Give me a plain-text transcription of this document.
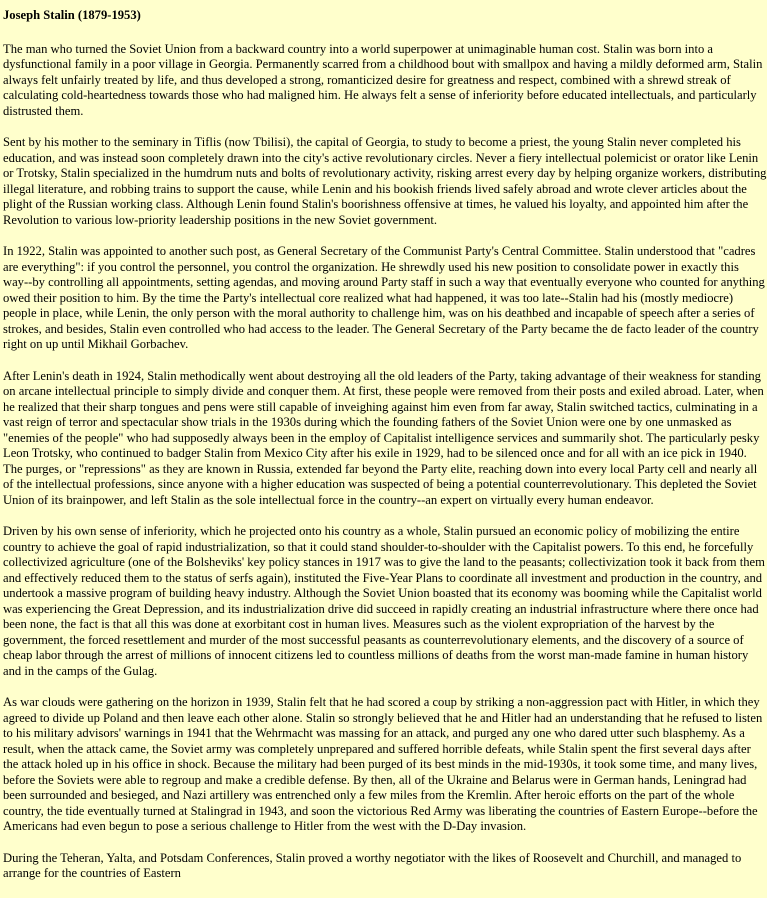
Joseph Stalin (1879-1953)

The man who turned the Soviet Union from a backward country into a world superpower at unimaginable human cost. Stalin was born into a dysfunctional family in a poor village in Georgia. Permanently scarred from a childhood bout with smallpox and having a mildly deformed arm, Stalin always felt unfairly treated by life, and thus developed a strong, romanticized desire for greatness and respect, combined with a shrewd streak of calculating cold-heartedness towards those who had maligned him. He always felt a sense of inferiority before educated intellectuals, and particularly distrusted them.

Sent by his mother to the seminary in Tiflis (now Tbilisi), the capital of Georgia, to study to become a priest, the young Stalin never completed his education, and was instead soon completely drawn into the city's active revolutionary circles. Never a fiery intellectual polemicist or orator like Lenin or Trotsky, Stalin specialized in the humdrum nuts and bolts of revolutionary activity, risking arrest every day by helping organize workers, distributing illegal literature, and robbing trains to support the cause, while Lenin and his bookish friends lived safely abroad and wrote clever articles about the plight of the Russian working class. Although Lenin found Stalin's boorishness offensive at times, he valued his loyalty, and appointed him after the Revolution to various low-priority leadership positions in the new Soviet government.

In 1922, Stalin was appointed to another such post, as General Secretary of the Communist Party's Central Committee. Stalin understood that "cadres are everything": if you control the personnel, you control the organization. He shrewdly used his new position to consolidate power in exactly this way--by controlling all appointments, setting agendas, and moving around Party staff in such a way that eventually everyone who counted for anything owed their position to him. By the time the Party's intellectual core realized what had happened, it was too late--Stalin had his (mostly mediocre) people in place, while Lenin, the only person with the moral authority to challenge him, was on his deathbed and incapable of speech after a series of strokes, and besides, Stalin even controlled who had access to the leader. The General Secretary of the Party became the de facto leader of the country right on up until Mikhail Gorbachev.

After Lenin's death in 1924, Stalin methodically went about destroying all the old leaders of the Party, taking advantage of their weakness for standing on arcane intellectual principle to simply divide and conquer them. At first, these people were removed from their posts and exiled abroad. Later, when he realized that their sharp tongues and pens were still capable of inveighing against him even from far away, Stalin switched tactics, culminating in a vast reign of terror and spectacular show trials in the 1930s during which the founding fathers of the Soviet Union were one by one unmasked as "enemies of the people" who had supposedly always been in the employ of Capitalist intelligence services and summarily shot. The particularly pesky Leon Trotsky, who continued to badger Stalin from Mexico City after his exile in 1929, had to be silenced once and for all with an ice pick in 1940. The purges, or "repressions" as they are known in Russia, extended far beyond the Party elite, reaching down into every local Party cell and nearly all of the intellectual professions, since anyone with a higher education was suspected of being a potential counterrevolutionary. This depleted the Soviet Union of its brainpower, and left Stalin as the sole intellectual force in the country--an expert on virtually every human endeavor.

Driven by his own sense of inferiority, which he projected onto his country as a whole, Stalin pursued an economic policy of mobilizing the entire country to achieve the goal of rapid industrialization, so that it could stand shoulder-to-shoulder with the Capitalist powers. To this end, he forcefully collectivized agriculture (one of the Bolsheviks' key policy stances in 1917 was to give the land to the peasants; collectivization took it back from them and effectively reduced them to the status of serfs again), instituted the Five-Year Plans to coordinate all investment and production in the country, and undertook a massive program of building heavy industry. Although the Soviet Union boasted that its economy was booming while the Capitalist world was experiencing the Great Depression, and its industrialization drive did succeed in rapidly creating an industrial infrastructure where there once had been none, the fact is that all this was done at exorbitant cost in human lives. Measures such as the violent expropriation of the harvest by the government, the forced resettlement and murder of the most successful peasants as counterrevolutionary elements, and the discovery of a source of cheap labor through the arrest of millions of innocent citizens led to countless millions of deaths from the worst man-made famine in human history and in the camps of the Gulag.

As war clouds were gathering on the horizon in 1939, Stalin felt that he had scored a coup by striking a non-aggression pact with Hitler, in which they agreed to divide up Poland and then leave each other alone. Stalin so strongly believed that he and Hitler had an understanding that he refused to listen to his military advisors' warnings in 1941 that the Wehrmacht was massing for an attack, and purged any one who dared utter such blasphemy. As a result, when the attack came, the Soviet army was completely unprepared and suffered horrible defeats, while Stalin spent the first several days after the attack holed up in his office in shock. Because the military had been purged of its best minds in the mid-1930s, it took some time, and many lives, before the Soviets were able to regroup and make a credible defense. By then, all of the Ukraine and Belarus were in German hands, Leningrad had been surrounded and besieged, and Nazi artillery was entrenched only a few miles from the Kremlin. After heroic efforts on the part of the whole country, the tide eventually turned at Stalingrad in 1943, and soon the victorious Red Army was liberating the countries of Eastern Europe--before the Americans had even begun to pose a serious challenge to Hitler from the west with the D-Day invasion.

During the Teheran, Yalta, and Potsdam Conferences, Stalin proved a worthy negotiator with the likes of Roosevelt and Churchill, and managed to arrange for the countries of Eastern
